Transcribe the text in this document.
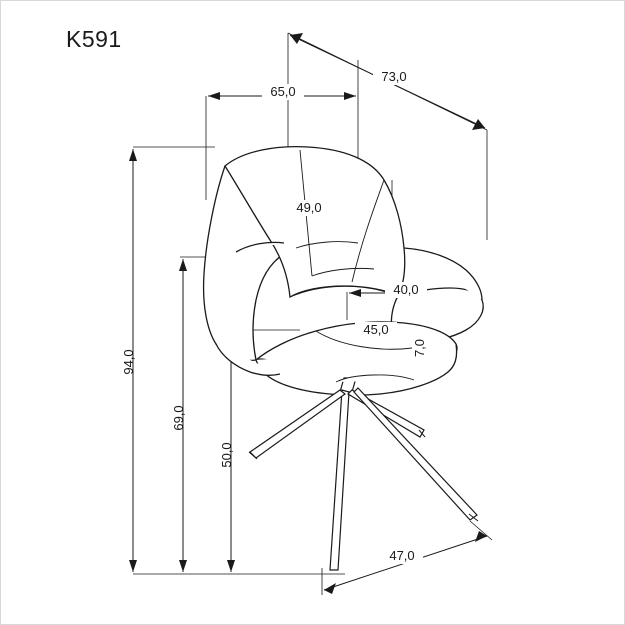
K591
65,0
73,0
49,0
40,0
45,0
7,0
94,0
69,0
50,0
47,0
